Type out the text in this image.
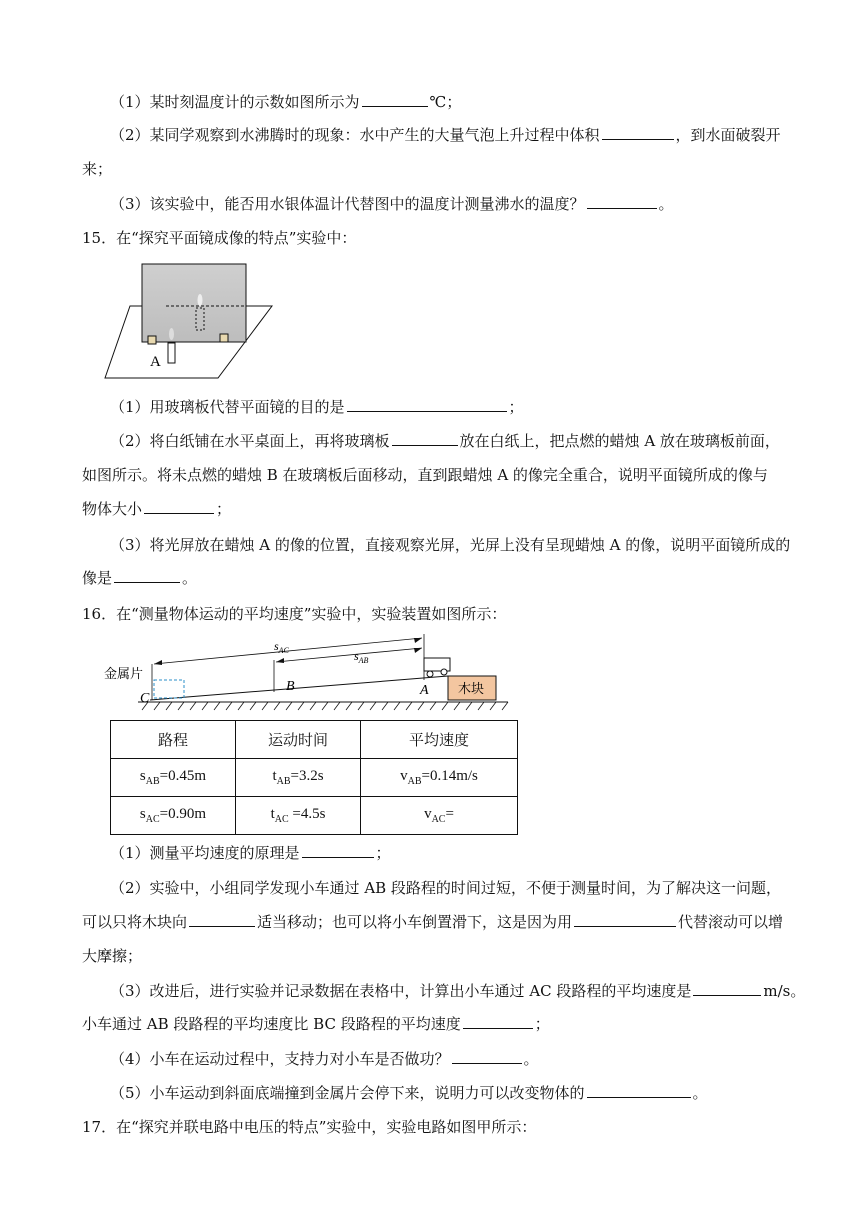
（1）某时刻温度计的示数如图所示为	℃；
（2）某同学观察到水沸腾时的现象：水中产生的大量气泡上升过程中体积	，到水面破裂开
来；
（3）该实验中，能否用水银体温计代替图中的温度计测量沸水的温度？	。
15．在“探究平面镜成像的特点”实验中：
A
（1）用玻璃板代替平面镜的目的是	；
（2）将白纸铺在水平桌面上，再将玻璃板	放在白纸上，把点燃的蜡烛 A 放在玻璃板前面，
如图所示。将未点燃的蜡烛 B 在玻璃板后面移动，直到跟蜡烛 A 的像完全重合，说明平面镜所成的像与
物体大小	；
（3）将光屏放在蜡烛 A 的像的位置，直接观察光屏，光屏上没有呈现蜡烛 A 的像，说明平面镜所成的
像是	。
16．在“测量物体运动的平均速度”实验中，实验装置如图所示：
木块
$s_{AC}$	$s_{AB}$
金属片
C
B	A
路程	运动时间	平均速度
$s_{AB}=0.45m$	$t_{AB}=3.2s$	$v_{AB}=0.14m/s$
$s_{AC}=0.90m$	$t_{AC} =4.5s$	$v_{AC}=$
（1）测量平均速度的原理是	；
（2）实验中，小组同学发现小车通过 AB 段路程的时间过短，不便于测量时间，为了解决这一问题，
可以只将木块向	适当移动；也可以将小车倒置滑下，这是因为用	代替滚动可以增
大摩擦；
（3）改进后，进行实验并记录数据在表格中，计算出小车通过 AC 段路程的平均速度是	m/s。
小车通过 AB 段路程的平均速度比 BC 段路程的平均速度	；
（4）小车在运动过程中，支持力对小车是否做功？	。
（5）小车运动到斜面底端撞到金属片会停下来，说明力可以改变物体的	。
17．在“探究并联电路中电压的特点”实验中，实验电路如图甲所示：
